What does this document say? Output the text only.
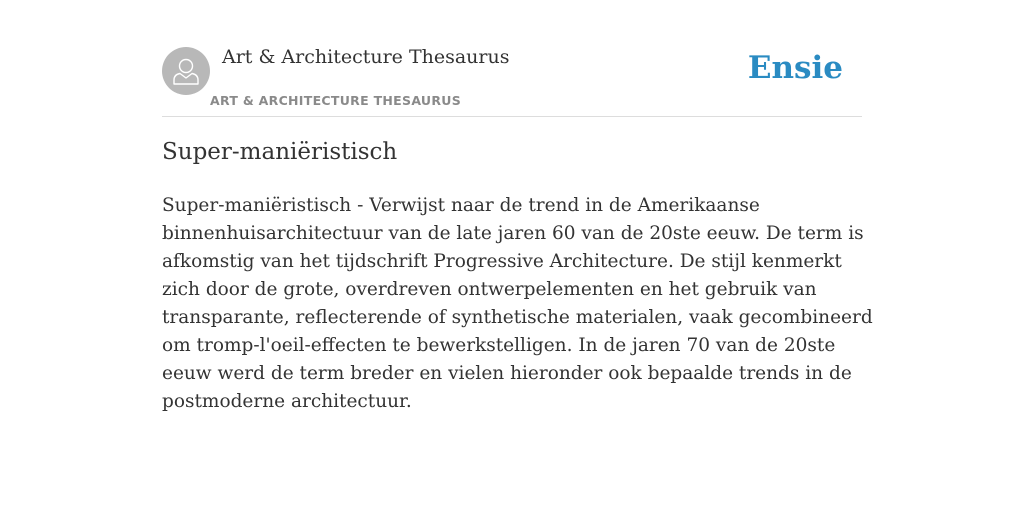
Art & Architecture Thesaurus
ART & ARCHITECTURE THESAURUS
Ensie
Super-maniëristisch

Super-maniëristisch - Verwijst naar de trend in de Amerikaanse binnenhuisarchitectuur van de late jaren 60 van de 20ste eeuw. De term is afkomstig van het tijdschrift Progressive Architecture. De stijl kenmerkt zich door de grote, overdreven ontwerpelementen en het gebruik van transparante, reflecterende of synthetische materialen, vaak gecombineerd om tromp-l'oeil-effecten te bewerkstelligen. In de jaren 70 van de 20ste eeuw werd de term breder en vielen hieronder ook bepaalde trends in de postmoderne architectuur.
